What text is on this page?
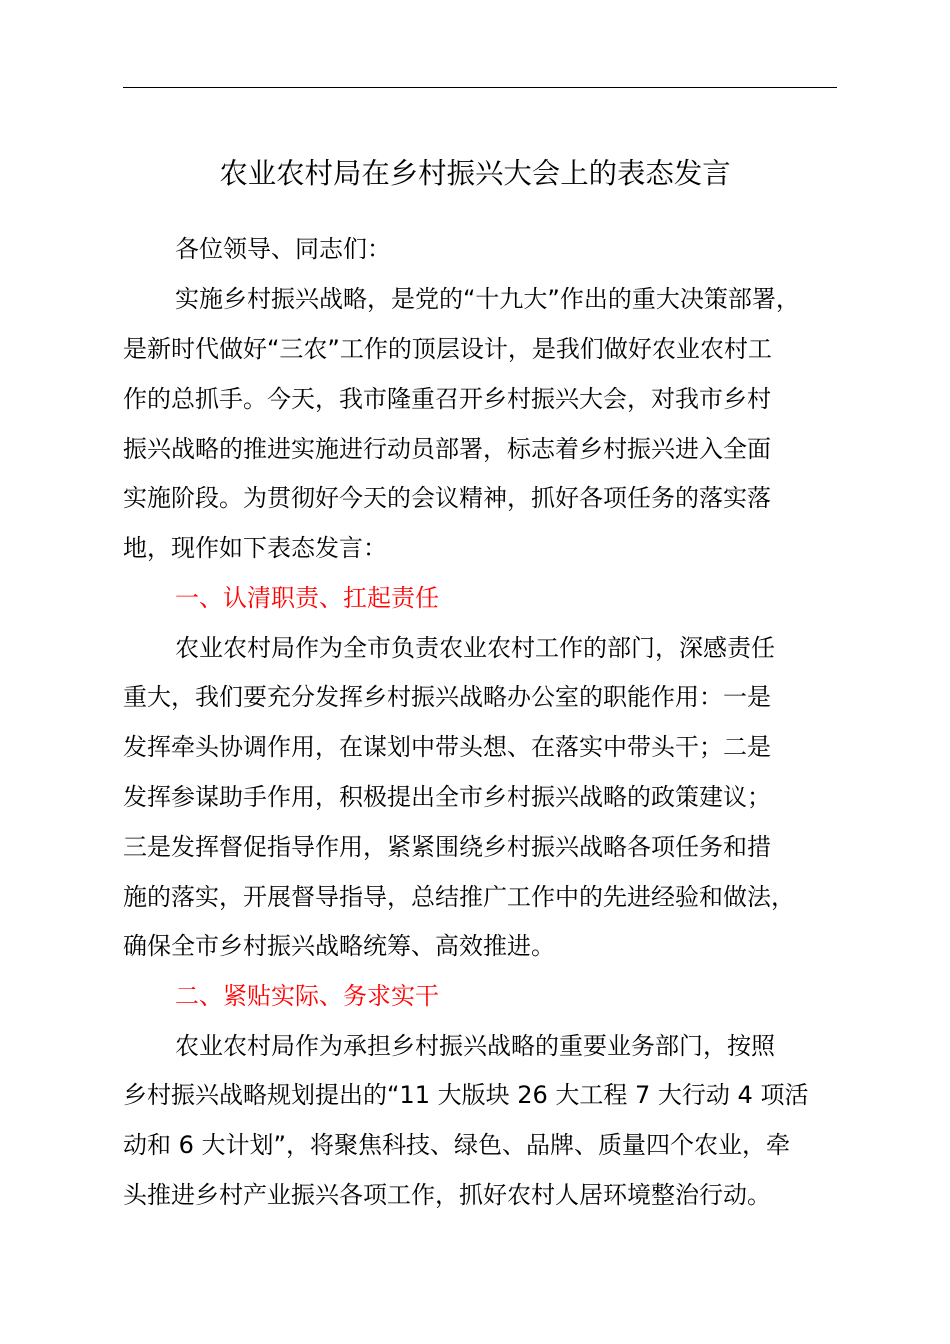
农业农村局在乡村振兴大会上的表态发言
各位领导、同志们：
实施乡村振兴战略，是党的“十九大”作出的重大决策部署，
是新时代做好“三农”工作的顶层设计，是我们做好农业农村工
作的总抓手。今天，我市隆重召开乡村振兴大会，对我市乡村
振兴战略的推进实施进行动员部署，标志着乡村振兴进入全面
实施阶段。为贯彻好今天的会议精神，抓好各项任务的落实落
地，现作如下表态发言：
一、认清职责、扛起责任
农业农村局作为全市负责农业农村工作的部门，深感责任
重大，我们要充分发挥乡村振兴战略办公室的职能作用：一是
发挥牵头协调作用，在谋划中带头想、在落实中带头干；二是
发挥参谋助手作用，积极提出全市乡村振兴战略的政策建议；
三是发挥督促指导作用，紧紧围绕乡村振兴战略各项任务和措
施的落实，开展督导指导，总结推广工作中的先进经验和做法，
确保全市乡村振兴战略统筹、高效推进。
二、紧贴实际、务求实干
农业农村局作为承担乡村振兴战略的重要业务部门，按照
乡村振兴战略规划提出的“11 大版块 26 大工程 7 大行动 4 项活
动和 6 大计划”，将聚焦科技、绿色、品牌、质量四个农业，牵
头推进乡村产业振兴各项工作，抓好农村人居环境整治行动。
